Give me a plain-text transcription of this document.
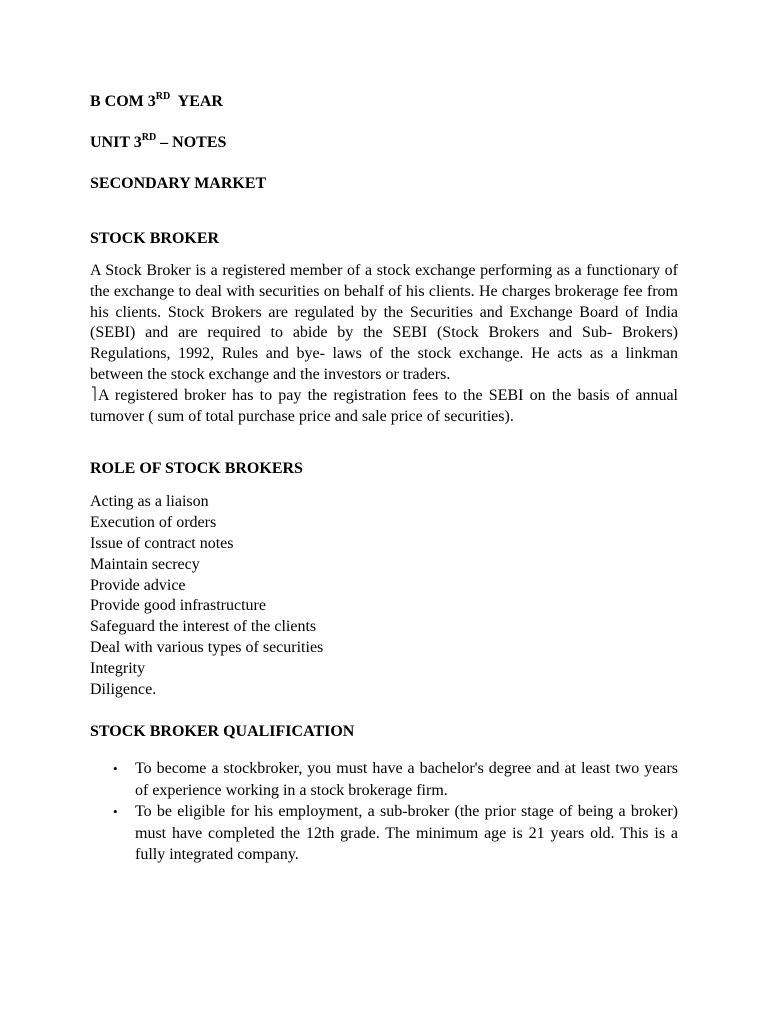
B COM 3RD  YEAR

UNIT 3RD – NOTES

SECONDARY MARKET

STOCK BROKER

A Stock Broker is a registered member of a stock exchange performing as a functionary of the exchange to deal with securities on behalf of his clients. He charges brokerage fee from his clients. Stock Brokers are regulated by the Securities and Exchange Board of India (SEBI) and are required to abide by the SEBI (Stock Brokers and Sub- Brokers) Regulations, 1992, Rules and bye- laws of the stock exchange. He acts as a linkman between the stock exchange and the investors or traders.

A registered broker has to pay the registration fees to the SEBI on the basis of annual turnover ( sum of total purchase price and sale price of securities).

ROLE OF STOCK BROKERS

Acting as a liaison
Execution of orders
Issue of contract notes
Maintain secrecy
Provide advice
Provide good infrastructure
Safeguard the interest of the clients
Deal with various types of securities
Integrity
Diligence.

STOCK BROKER QUALIFICATION

• To become a stockbroker, you must have a bachelor's degree and at least two years of experience working in a stock brokerage firm.
• To be eligible for his employment, a sub-broker (the prior stage of being a broker) must have completed the 12th grade. The minimum age is 21 years old. This is a fully integrated company.
